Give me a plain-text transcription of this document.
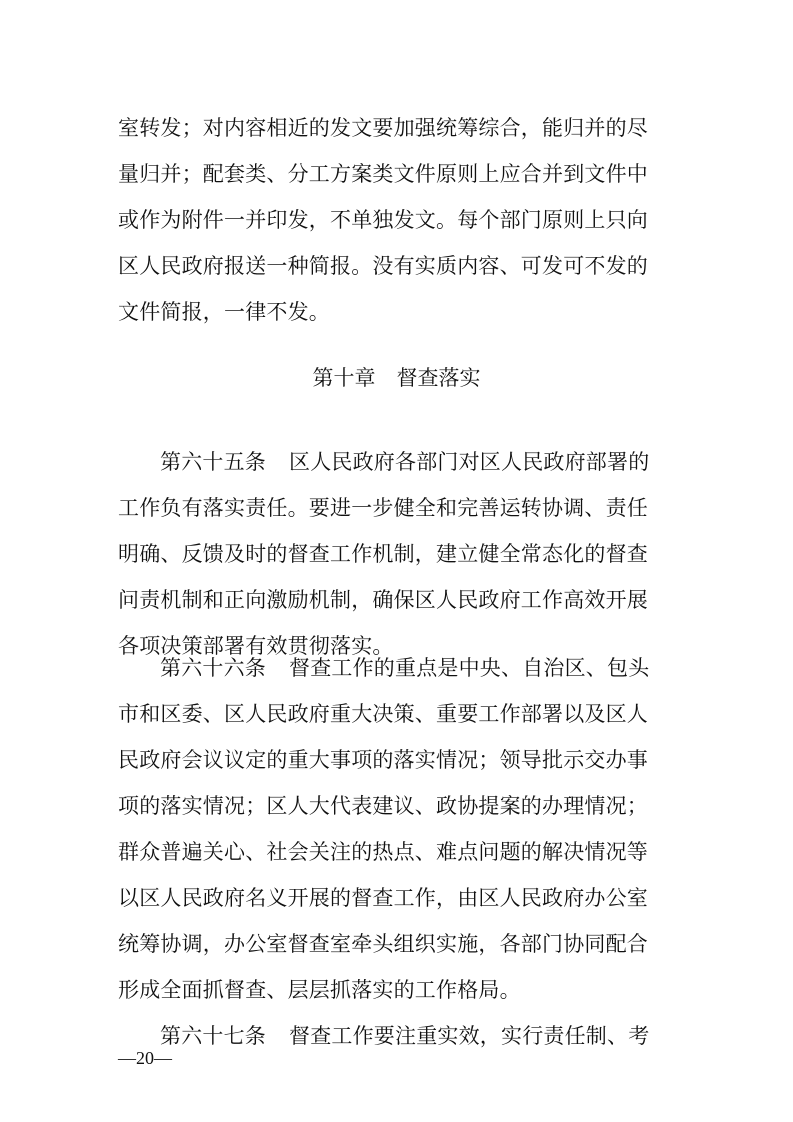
室转发；对内容相近的发文要加强统筹综合，能归并的尽
量归并；配套类、分工方案类文件原则上应合并到文件中
或作为附件一并印发，不单独发文。每个部门原则上只向
区人民政府报送一种简报。没有实质内容、可发可不发的
文件简报，一律不发。
第十章　督查落实
第六十五条 区人民政府各部门对区人民政府部署的
工作负有落实责任。要进一步健全和完善运转协调、责任
明确、反馈及时的督查工作机制，建立健全常态化的督查
问责机制和正向激励机制，确保区人民政府工作高效开展
各项决策部署有效贯彻落实。
第六十六条 督查工作的重点是中央、自治区、包头
市和区委、区人民政府重大决策、重要工作部署以及区人
民政府会议议定的重大事项的落实情况；领导批示交办事
项的落实情况；区人大代表建议、政协提案的办理情况；
群众普遍关心、社会关注的热点、难点问题的解决情况等
以区人民政府名义开展的督查工作，由区人民政府办公室
统筹协调，办公室督查室牵头组织实施，各部门协同配合
形成全面抓督查、层层抓落实的工作格局。
—20—
第六十七条 督查工作要注重实效，实行责任制、考
